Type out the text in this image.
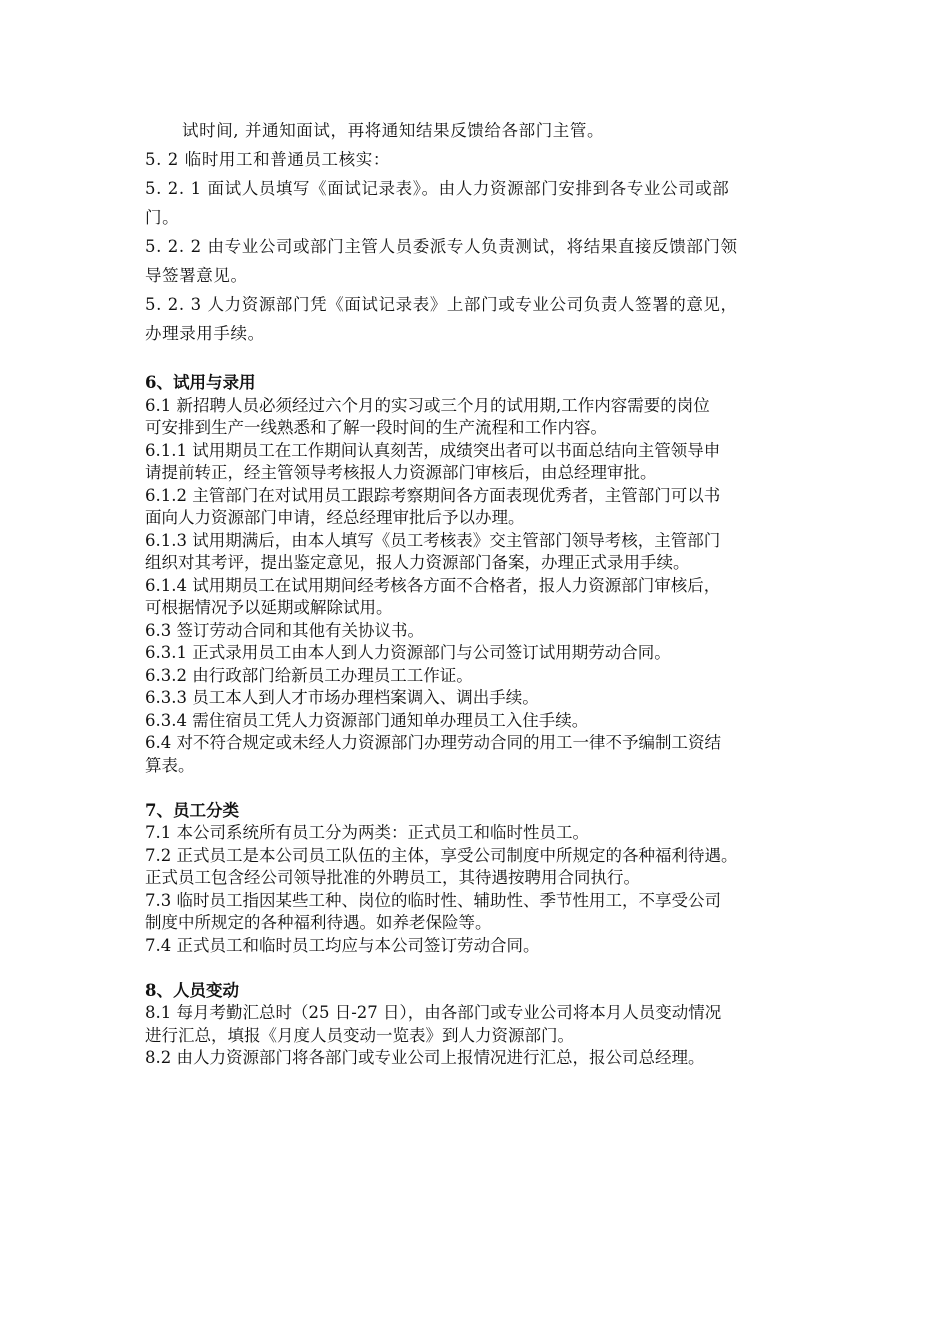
试时间, 并通知面试，再将通知结果反馈给各部门主管。

5. 2 临时用工和普通员工核实：

5. 2. 1 面试人员填写《面试记录表》。由人力资源部门安排到各专业公司或部
门。

5. 2. 2 由专业公司或部门主管人员委派专人负责测试，将结果直接反馈部门领
导签署意见。

5. 2. 3 人力资源部门凭《面试记录表》上部门或专业公司负责人签署的意见，
办理录用手续。

6、试用与录用

6.1 新招聘人员必须经过六个月的实习或三个月的试用期,工作内容需要的岗位
可安排到生产一线熟悉和了解一段时间的生产流程和工作内容。

6.1.1 试用期员工在工作期间认真刻苦，成绩突出者可以书面总结向主管领导申
请提前转正，经主管领导考核报人力资源部门审核后，由总经理审批。

6.1.2 主管部门在对试用员工跟踪考察期间各方面表现优秀者，主管部门可以书
面向人力资源部门申请，经总经理审批后予以办理。

6.1.3 试用期满后，由本人填写《员工考核表》交主管部门领导考核，主管部门
组织对其考评，提出鉴定意见，报人力资源部门备案，办理正式录用手续。

6.1.4 试用期员工在试用期间经考核各方面不合格者，报人力资源部门审核后，
可根据情况予以延期或解除试用。

6.3 签订劳动合同和其他有关协议书。

6.3.1 正式录用员工由本人到人力资源部门与公司签订试用期劳动合同。

6.3.2 由行政部门给新员工办理员工工作证。

6.3.3 员工本人到人才市场办理档案调入、调出手续。

6.3.4 需住宿员工凭人力资源部门通知单办理员工入住手续。

6.4 对不符合规定或未经人力资源部门办理劳动合同的用工一律不予编制工资结
算表。

7、员工分类

7.1 本公司系统所有员工分为两类：正式员工和临时性员工。

7.2 正式员工是本公司员工队伍的主体，享受公司制度中所规定的各种福利待遇。
正式员工包含经公司领导批准的外聘员工，其待遇按聘用合同执行。

7.3 临时员工指因某些工种、岗位的临时性、辅助性、季节性用工，不享受公司
制度中所规定的各种福利待遇。如养老保险等。

7.4 正式员工和临时员工均应与本公司签订劳动合同。

8、人员变动

8.1 每月考勤汇总时（25 日-27 日），由各部门或专业公司将本月人员变动情况
进行汇总，填报《月度人员变动一览表》到人力资源部门。

8.2 由人力资源部门将各部门或专业公司上报情况进行汇总，报公司总经理。
